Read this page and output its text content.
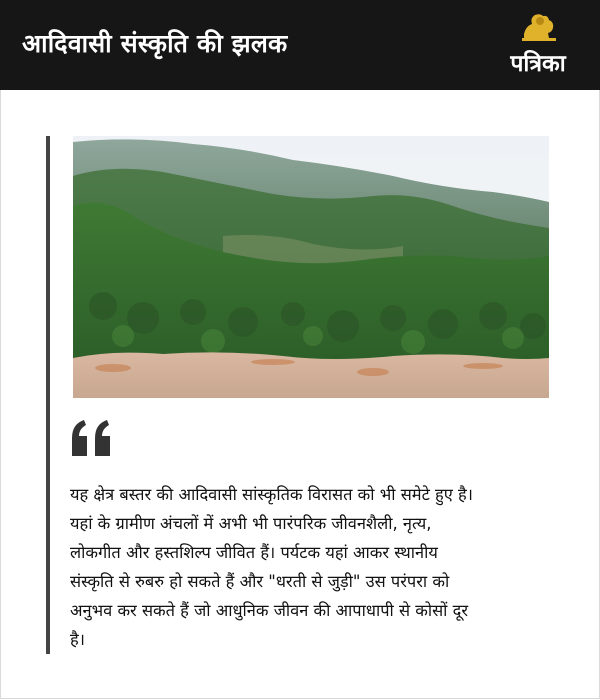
आदिवासी संस्कृति की झलक
पत्रिका
यह क्षेत्र बस्तर की आदिवासी सांस्कृतिक विरासत को भी समेटे हुए है।
यहां के ग्रामीण अंचलों में अभी भी पारंपरिक जीवनशैली, नृत्य,
लोकगीत और हस्तशिल्प जीवित हैं। पर्यटक यहां आकर स्थानीय
संस्कृति से रुबरु हो सकते हैं और "धरती से जुड़ी" उस परंपरा को
अनुभव कर सकते हैं जो आधुनिक जीवन की आपाधापी से कोसों दूर
है।
